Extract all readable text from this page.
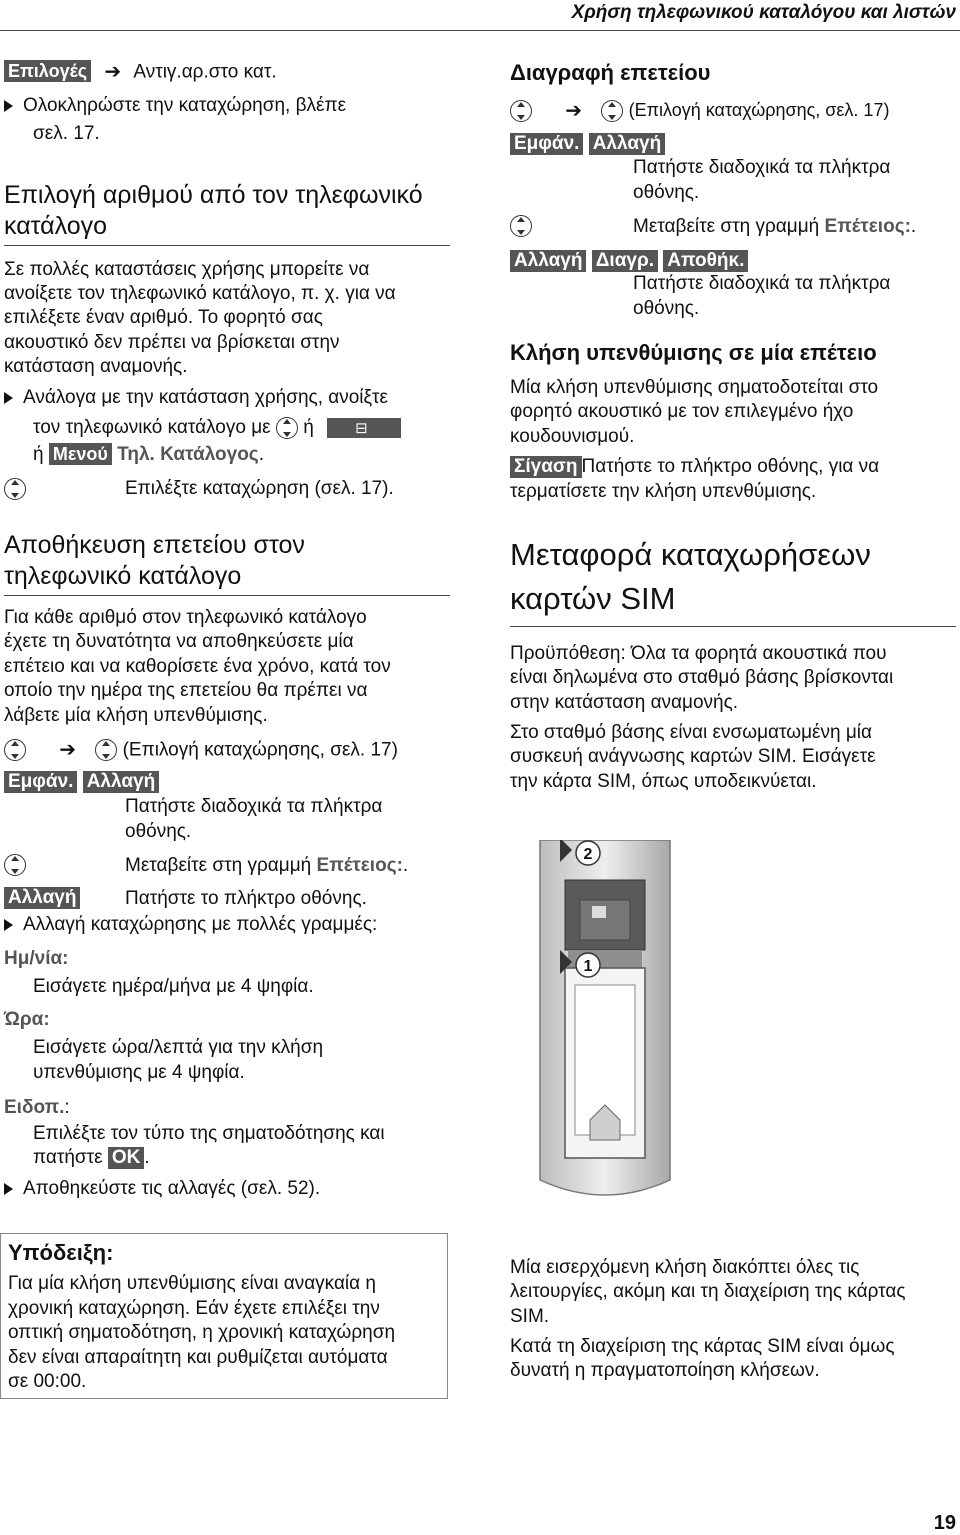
Χρήση τηλεφωνικού καταλόγου και λιστών
Επιλογές ➔ Αντιγ.αρ.στο κατ.
Ολοκληρώστε την καταχώρηση, βλέπε
σελ. 17.
Επιλογή αριθμού από τον τηλεφωνικό
κατάλογο
Σε πολλές καταστάσεις χρήσης μπορείτε να
ανοίξετε τον τηλεφωνικό κατάλογο, π. χ. για να
επιλέξετε έναν αριθμό. Το φορητό σας
ακουστικό δεν πρέπει να βρίσκεται στην
κατάσταση αναμονής.
Ανάλογα με την κατάσταση χρήσης, ανοίξτε
τον τηλεφωνικό κατάλογο με ή	⊟
ή Μενού Τηλ. Κατάλογος.
Επιλέξτε καταχώρηση (σελ. 17).
Αποθήκευση επετείου στον
τηλεφωνικό κατάλογο
Για κάθε αριθμό στον τηλεφωνικό κατάλογο
έχετε τη δυνατότητα να αποθηκεύσετε μία
επέτειο και να καθορίσετε ένα χρόνο, κατά τον
οποίο την ημέρα της επετείου θα πρέπει να
λάβετε μία κλήση υπενθύμισης.
➔ (Επιλογή καταχώρησης, σελ. 17)
Εμφάν. Αλλαγή
Πατήστε διαδοχικά τα πλήκτρα
οθόνης.
Μεταβείτε στη γραμμή Επέτειος:.
Αλλαγή	Πατήστε το πλήκτρο οθόνης.
Αλλαγή καταχώρησης με πολλές γραμμές:
Ημ/νία:
Εισάγετε ημέρα/μήνα με 4 ψηφία.
Ώρα:
Εισάγετε ώρα/λεπτά για την κλήση
υπενθύμισης με 4 ψηφία.
Ειδοπ.:
Επιλέξτε τον τύπο της σηματοδότησης και
πατήστε OK .
Αποθηκεύστε τις αλλαγές (σελ. 52).
Υπόδειξη:
Για μία κλήση υπενθύμισης είναι αναγκαία η
χρονική καταχώρηση. Εάν έχετε επιλέξει την
οπτική σηματοδότηση, η χρονική καταχώρηση
δεν είναι απαραίτητη και ρυθμίζεται αυτόματα
σε 00:00.
Διαγραφή επετείου
➔	(Επιλογή καταχώρησης, σελ. 17)
Εμφάν. Αλλαγή
Πατήστε διαδοχικά τα πλήκτρα
οθόνης.
Μεταβείτε στη γραμμή Επέτειος:.
Αλλαγή Διαγρ. Αποθήκ.
Πατήστε διαδοχικά τα πλήκτρα
οθόνης.
Κλήση υπενθύμισης σε μία επέτειο
Μία κλήση υπενθύμισης σηματοδοτείται στο
φορητό ακουστικό με τον επιλεγμένο ήχο
κουδουνισμού.
Σίγαση Πατήστε το πλήκτρο οθόνης, για να
τερματίσετε την κλήση υπενθύμισης.
Μεταφορά καταχωρήσεων
καρτών SIM
Προϋπόθεση: Όλα τα φορητά ακουστικά που
είναι δηλωμένα στο σταθμό βάσης βρίσκονται
στην κατάσταση αναμονής.
Στο σταθμό βάσης είναι ενσωματωμένη μία
συσκευή ανάγνωσης καρτών SIM. Εισάγετε
την κάρτα SIM, όπως υποδεικνύεται.
2
1
Μία εισερχόμενη κλήση διακόπτει όλες τις
λειτουργίες, ακόμη και τη διαχείριση της κάρτας
SIM.
Κατά τη διαχείριση της κάρτας SIM είναι όμως
δυνατή η πραγματοποίηση κλήσεων.
19
